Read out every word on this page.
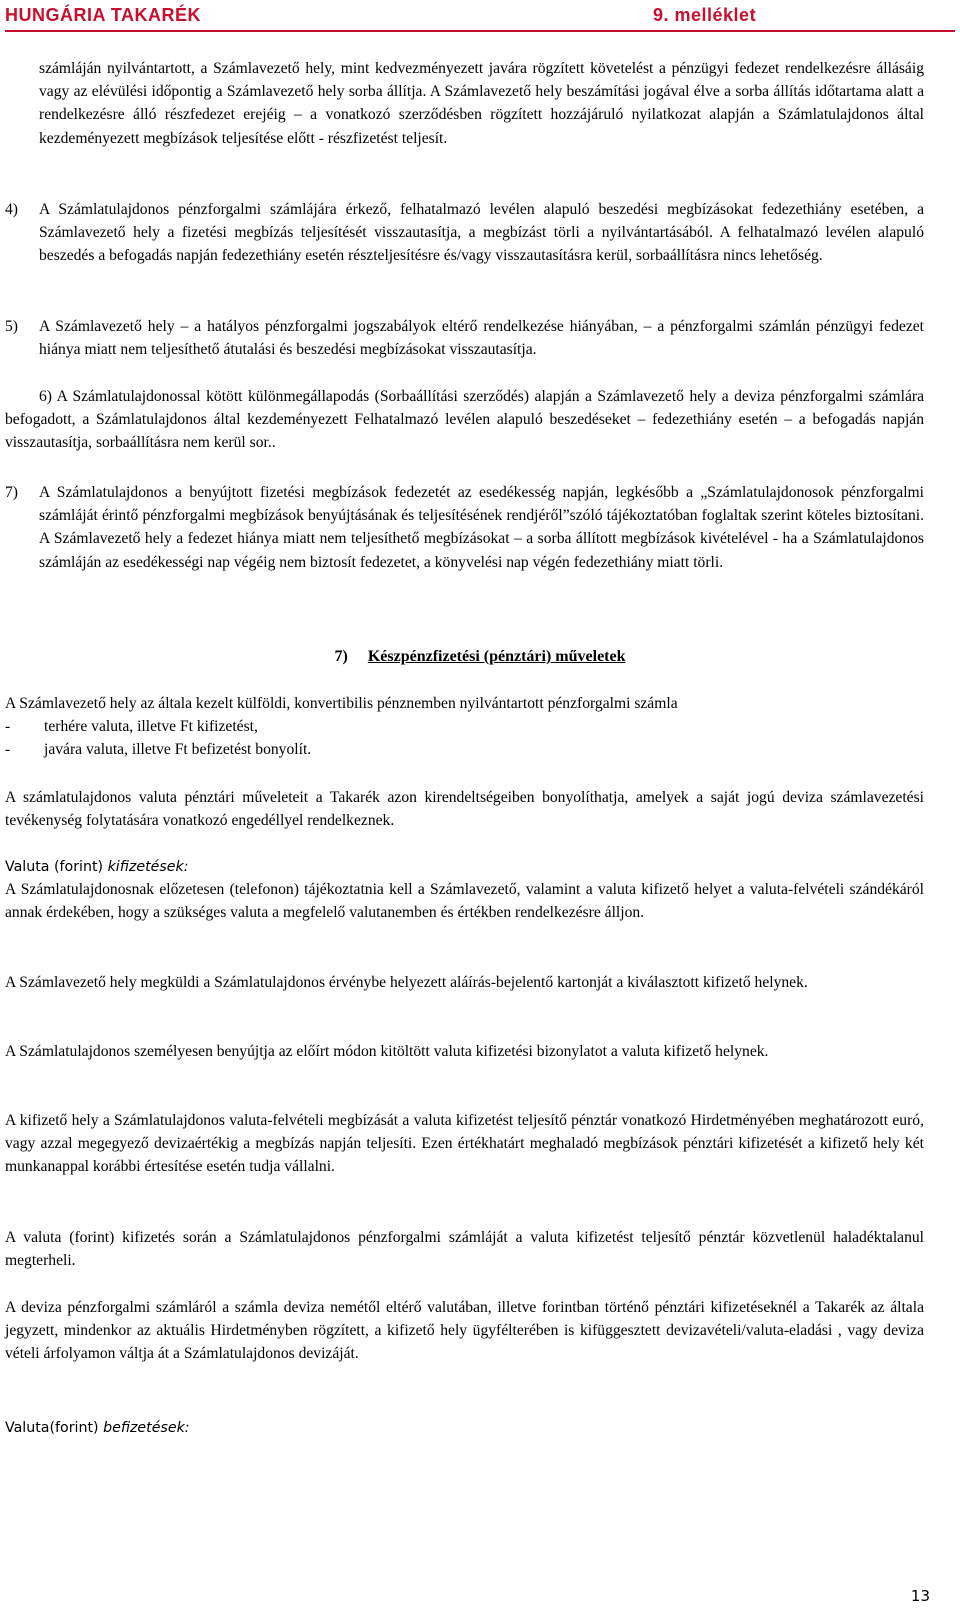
HUNGÁRIA TAKARÉK	9. melléklet
számláján nyilvántartott, a Számlavezető hely, mint kedvezményezett javára rögzített követelést a pénzügyi fedezet rendelkezésre állásáig vagy az elévülési időpontig a Számlavezető hely sorba állítja. A Számlavezető hely beszámítási jogával élve a sorba állítás időtartama alatt a rendelkezésre álló részfedezet erejéig – a vonatkozó szerződésben rögzített hozzájáruló nyilatkozat alapján a Számlatulajdonos által kezdeményezett megbízások teljesítése előtt - részfizetést teljesít.
4) A Számlatulajdonos pénzforgalmi számlájára érkező, felhatalmazó levélen alapuló beszedési megbízásokat fedezethiány esetében, a Számlavezető hely a fizetési megbízás teljesítését visszautasítja, a megbízást törli a nyilvántartásából. A felhatalmazó levélen alapuló beszedés a befogadás napján fedezethiány esetén részteljesítésre és/vagy visszautasításra kerül, sorbaállításra nincs lehetőség.
5) A Számlavezető hely – a hatályos pénzforgalmi jogszabályok eltérő rendelkezése hiányában, – a pénzforgalmi számlán pénzügyi fedezet hiánya miatt nem teljesíthető átutalási és beszedési megbízásokat visszautasítja.
6) A Számlatulajdonossal kötött különmegállapodás (Sorbaállítási szerződés) alapján a Számlavezető hely a deviza pénzforgalmi számlára befogadott, a Számlatulajdonos által kezdeményezett Felhatalmazó levélen alapuló beszedéseket – fedezethiány esetén – a befogadás napján visszautasítja, sorbaállításra nem kerül sor..
7) A Számlatulajdonos a benyújtott fizetési megbízások fedezetét az esedékesség napján, legkésőbb a „Számlatulajdonosok pénzforgalmi számláját érintő pénzforgalmi megbízások benyújtásának és teljesítésének rendjéről”szóló tájékoztatóban foglaltak szerint köteles biztosítani. A Számlavezető hely a fedezet hiánya miatt nem teljesíthető megbízásokat – a sorba állított megbízások kivételével - ha a Számlatulajdonos számláján az esedékességi nap végéig nem biztosít fedezetet, a könyvelési nap végén fedezethiány miatt törli.
7) Készpénzfizetési (pénztári) műveletek
A Számlavezető hely az általa kezelt külföldi, konvertibilis pénznemben nyilvántartott pénzforgalmi számla
- terhére valuta, illetve Ft kifizetést,
- javára valuta, illetve Ft befizetést bonyolít.
A számlatulajdonos valuta pénztári műveleteit a Takarék azon kirendeltségeiben bonyolíthatja, amelyek a saját jogú deviza számlavezetési tevékenység folytatására vonatkozó engedéllyel rendelkeznek.
Valuta (forint) kifizetések:
A Számlatulajdonosnak előzetesen (telefonon) tájékoztatnia kell a Számlavezető, valamint a valuta kifizető helyet a valuta-felvételi szándékáról annak érdekében, hogy a szükséges valuta a megfelelő valutanemben és értékben rendelkezésre álljon.
A Számlavezető hely megküldi a Számlatulajdonos érvénybe helyezett aláírás-bejelentő kartonját a kiválasztott kifizető helynek.
A Számlatulajdonos személyesen benyújtja az előírt módon kitöltött valuta kifizetési bizonylatot a valuta kifizető helynek.
A kifizető hely a Számlatulajdonos valuta-felvételi megbízását a valuta kifizetést teljesítő pénztár vonatkozó Hirdetményében meghatározott euró, vagy azzal megegyező devizaértékig a megbízás napján teljesíti. Ezen értékhatárt meghaladó megbízások pénztári kifizetését a kifizető hely két munkanappal korábbi értesítése esetén tudja vállalni.
A valuta (forint) kifizetés során a Számlatulajdonos pénzforgalmi számláját a valuta kifizetést teljesítő pénztár közvetlenül haladéktalanul megterheli.
A deviza pénzforgalmi számláról a számla deviza nemétől eltérő valutában, illetve forintban történő pénztári kifizetéseknél a Takarék az általa jegyzett, mindenkor az aktuális Hirdetményben rögzített, a kifizető hely ügyfélterében is kifüggesztett devizavételi/valuta-eladási , vagy deviza vételi árfolyamon váltja át a Számlatulajdonos devizáját.
Valuta(forint) befizetések:
13
